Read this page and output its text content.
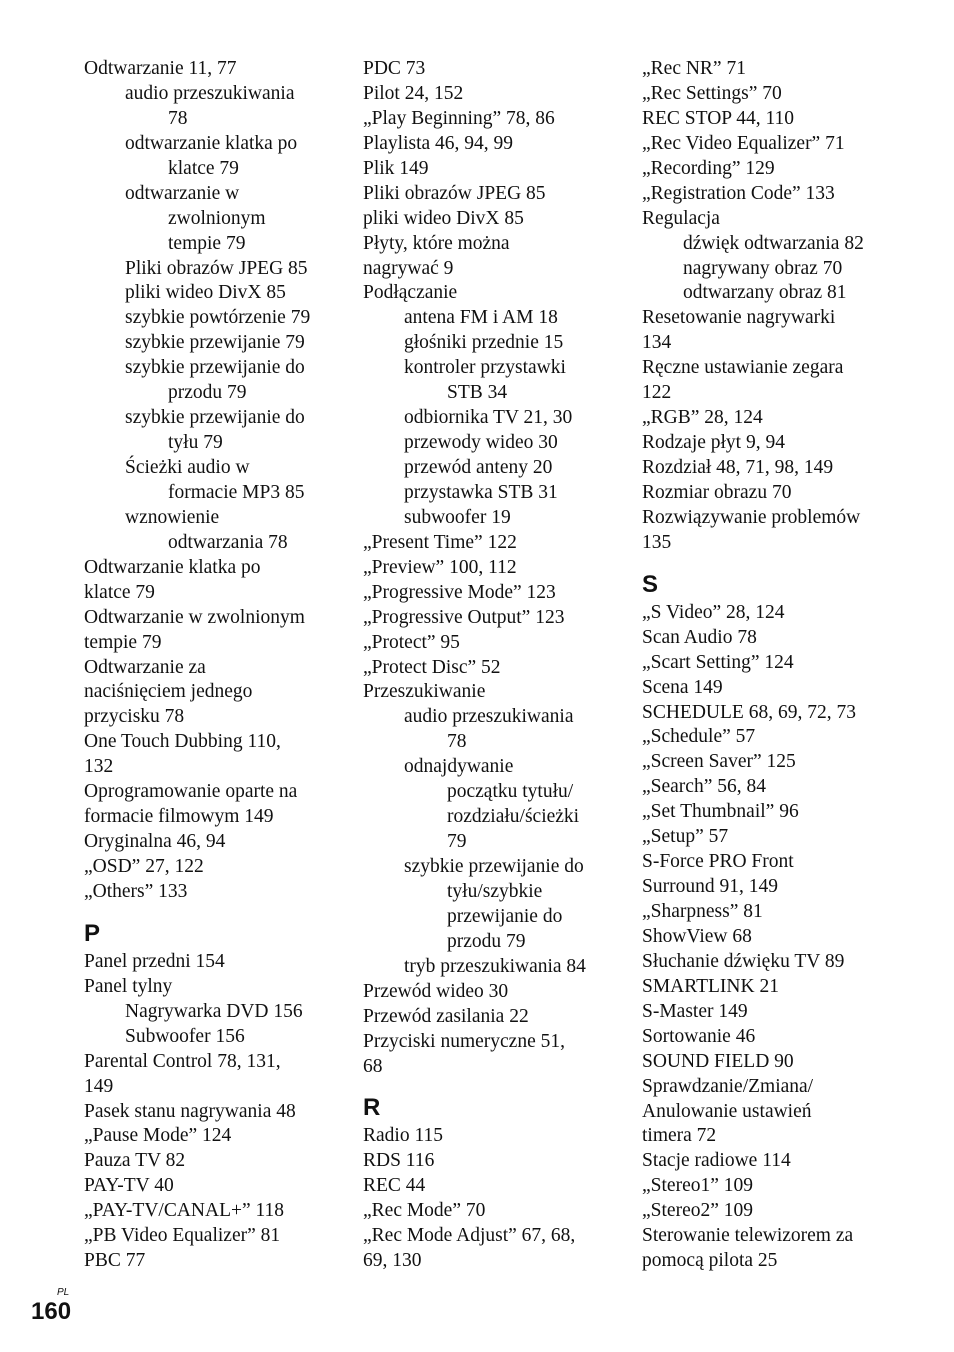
Odtwarzanie 11, 77
audio przeszukiwania
78
odtwarzanie klatka po
klatce 79
odtwarzanie w
zwolnionym
tempie 79
Pliki obrazów JPEG 85
pliki wideo DivX 85
szybkie powtórzenie 79
szybkie przewijanie 79
szybkie przewijanie do
przodu 79
szybkie przewijanie do
tyłu 79
Ścieżki audio w
formacie MP3 85
wznowienie
odtwarzania 78
Odtwarzanie klatka po
klatce 79
Odtwarzanie w zwolnionym
tempie 79
Odtwarzanie za
naciśnięciem jednego
przycisku 78
One Touch Dubbing 110,
132
Oprogramowanie oparte na
formacie filmowym 149
Oryginalna 46, 94
„OSD” 27, 122
„Others” 133
P
Panel przedni 154
Panel tylny
Nagrywarka DVD 156
Subwoofer 156
Parental Control 78, 131,
149
Pasek stanu nagrywania 48
„Pause Mode” 124
Pauza TV 82
PAY-TV 40
„PAY-TV/CANAL+” 118
„PB Video Equalizer” 81
PBC 77
PDC 73
Pilot 24, 152
„Play Beginning” 78, 86
Playlista 46, 94, 99
Plik 149
Pliki obrazów JPEG 85
pliki wideo DivX 85
Płyty, które można
nagrywać 9
Podłączanie
antena FM i AM 18
głośniki przednie 15
kontroler przystawki
STB 34
odbiornika TV 21, 30
przewody wideo 30
przewód anteny 20
przystawka STB 31
subwoofer 19
„Present Time” 122
„Preview” 100, 112
„Progressive Mode” 123
„Progressive Output” 123
„Protect” 95
„Protect Disc” 52
Przeszukiwanie
audio przeszukiwania
78
odnajdywanie
początku tytułu/
rozdziału/ścieżki
79
szybkie przewijanie do
tyłu/szybkie
przewijanie do
przodu 79
tryb przeszukiwania 84
Przewód wideo 30
Przewód zasilania 22
Przyciski numeryczne 51,
68
R
Radio 115
RDS 116
REC 44
„Rec Mode” 70
„Rec Mode Adjust” 67, 68,
69, 130
„Rec NR” 71
„Rec Settings” 70
REC STOP 44, 110
„Rec Video Equalizer” 71
„Recording” 129
„Registration Code” 133
Regulacja
dźwięk odtwarzania 82
nagrywany obraz 70
odtwarzany obraz 81
Resetowanie nagrywarki
134
Ręczne ustawianie zegara
122
„RGB” 28, 124
Rodzaje płyt 9, 94
Rozdział 48, 71, 98, 149
Rozmiar obrazu 70
Rozwiązywanie problemów
135
S
„S Video” 28, 124
Scan Audio 78
„Scart Setting” 124
Scena 149
SCHEDULE 68, 69, 72, 73
„Schedule” 57
„Screen Saver” 125
„Search” 56, 84
„Set Thumbnail” 96
„Setup” 57
S-Force PRO Front
Surround 91, 149
„Sharpness” 81
ShowView 68
Słuchanie dźwięku TV 89
SMARTLINK 21
S-Master 149
Sortowanie 46
SOUND FIELD 90
Sprawdzanie/Zmiana/
Anulowanie ustawień
timera 72
Stacje radiowe 114
„Stereo1” 109
„Stereo2” 109
Sterowanie telewizorem za
pomocą pilota 25
PL
160
